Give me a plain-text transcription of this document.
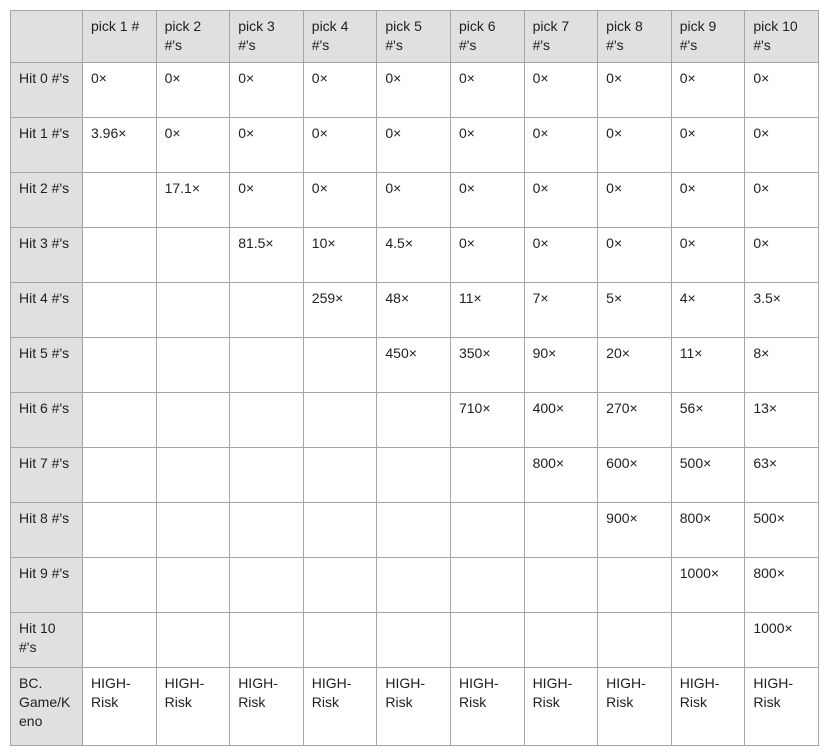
	pick 1 #	pick 2 #'s	pick 3 #'s	pick 4 #'s	pick 5 #'s	pick 6 #'s	pick 7 #'s	pick 8 #'s	pick 9 #'s	pick 10 #'s
Hit 0 #'s	0×	0×	0×	0×	0×	0×	0×	0×	0×	0×
Hit 1 #'s	3.96×	0×	0×	0×	0×	0×	0×	0×	0×	0×
Hit 2 #'s		17.1×	0×	0×	0×	0×	0×	0×	0×	0×
Hit 3 #'s			81.5×	10×	4.5×	0×	0×	0×	0×	0×
Hit 4 #'s				259×	48×	11×	7×	5×	4×	3.5×
Hit 5 #'s					450×	350×	90×	20×	11×	8×
Hit 6 #'s						710×	400×	270×	56×	13×
Hit 7 #'s							800×	600×	500×	63×
Hit 8 #'s								900×	800×	500×
Hit 9 #'s									1000×	800×
Hit 10 #'s										1000×
BC. Game/Keno	HIGH-Risk	HIGH-Risk	HIGH-Risk	HIGH-Risk	HIGH-Risk	HIGH-Risk	HIGH-Risk	HIGH-Risk	HIGH-Risk	HIGH-Risk
